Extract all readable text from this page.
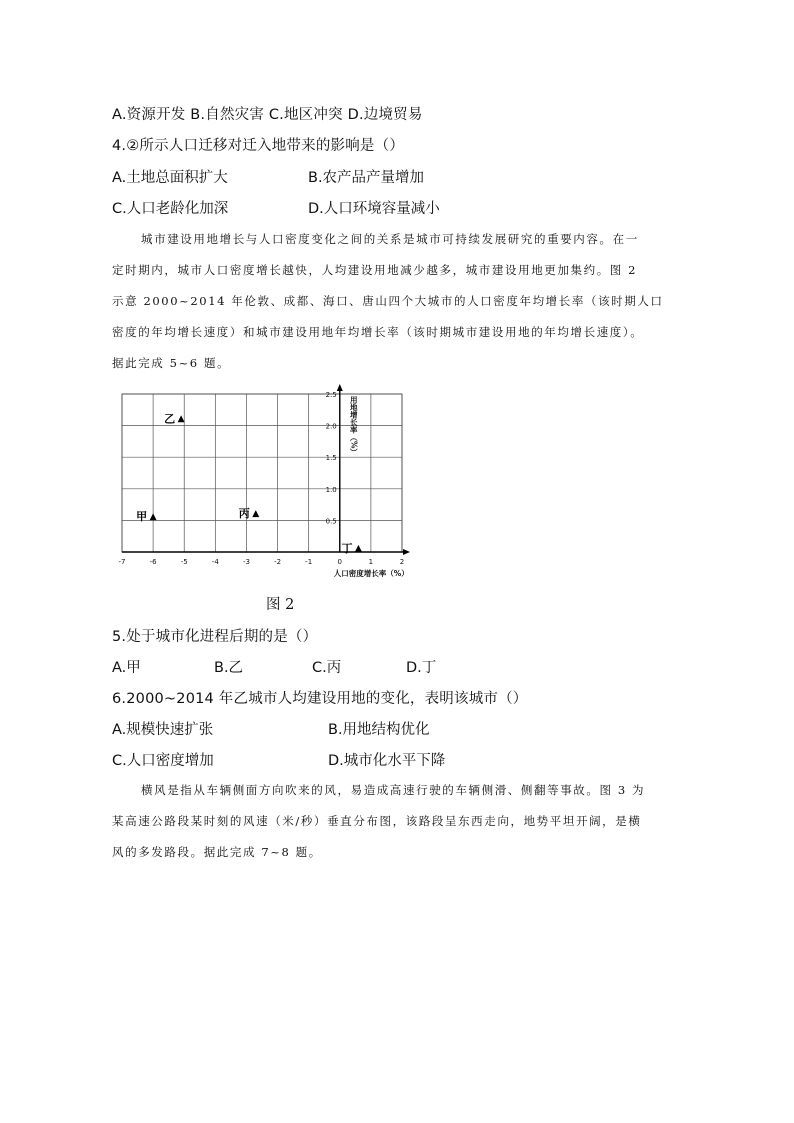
A.资源开发 B.自然灾害 C.地区冲突 D.边境贸易
4.②所示人口迁移对迁入地带来的影响是（）
A.土地总面积扩大	B.农产品产量增加
C.人口老龄化加深	D.人口环境容量减小
城市建设用地增长与人口密度变化之间的关系是城市可持续发展研究的重要内容。在一
定时期内，城市人口密度增长越快，人均建设用地减少越多，城市建设用地更加集约。图 2
示意 2000~2014 年伦敦、成都、海口、唐山四个大城市的人口密度年均增长率（该时期人口
密度的年均增长速度）和城市建设用地年均增长率（该时期城市建设用地的年均增长速度）。
据此完成 5~6 题。
-7	-6	-5	-4	-3	-2	-1	0	1	2
0.5
1.0
1.5
2.0
2.5
甲
乙
丙
丁
用地增长率（%）
人口密度增长率（%）
图 2
5.处于城市化进程后期的是（）
A.甲	B.乙	C.丙	D.丁
6.2000~2014 年乙城市人均建设用地的变化，表明该城市（）
A.规模快速扩张	B.用地结构优化
C.人口密度增加	D.城市化水平下降
横风是指从车辆侧面方向吹来的风，易造成高速行驶的车辆侧滑、侧翻等事故。图 3 为
某高速公路段某时刻的风速（米/秒）垂直分布图，该路段呈东西走向，地势平坦开阔，是横
风的多发路段。据此完成 7~8 题。
